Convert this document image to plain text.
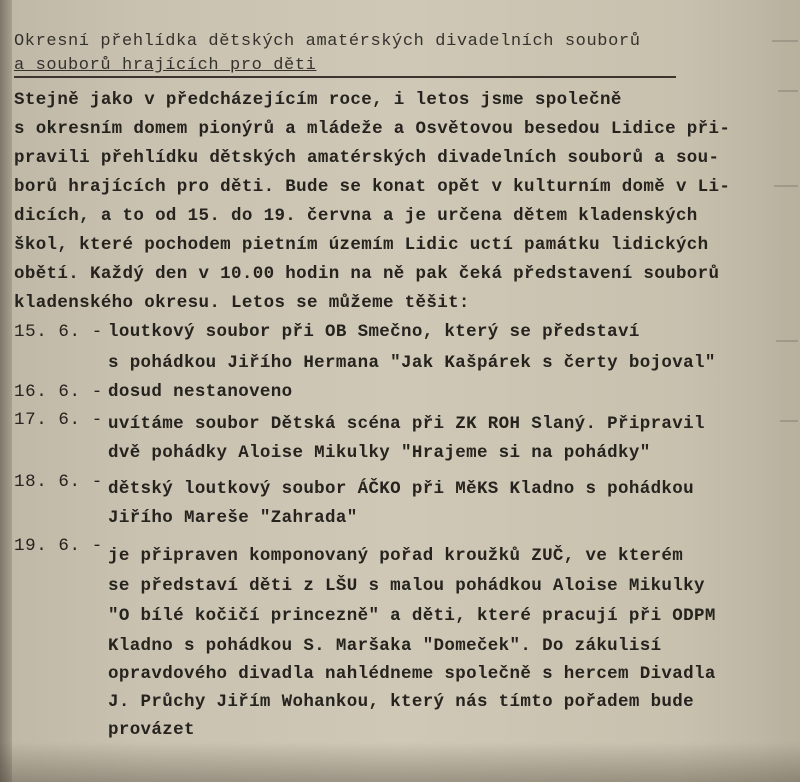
Okresní přehlídka dětských amatérských divadelních souborů
a souborů hrajících pro děti
Stejně jako v předcházejícím roce, i letos jsme společně
s okresním domem pionýrů a mládeže a Osvětovou besedou Lidice při-
pravili přehlídku dětských amatérských divadelních souborů a sou-
borů hrajících pro děti. Bude se konat opět v kulturním domě v Li-
dicích, a to od 15. do 19. června a je určena dětem kladenských
škol, které pochodem pietním územím Lidic uctí památku lidických
obětí. Každý den v 10.00 hodin na ně pak čeká představení souborů
kladenského okresu. Letos se můžeme těšit:
15. 6. - loutkový soubor při OB Smečno, který se představí
s pohádkou Jiřího Hermana "Jak Kašpárek s čerty bojoval"
16. 6. - dosud nestanoveno
17. 6. - uvítáme soubor Dětská scéna při ZK ROH Slaný. Připravil
dvě pohádky Aloise Mikulky "Hrajeme si na pohádky"
18. 6. - dětský loutkový soubor ÁČKO při MěKS Kladno s pohádkou
Jiřího Mareše "Zahrada"
19. 6. - je připraven komponovaný pořad kroužků ZUČ, ve kterém
se představí děti z LŠU s malou pohádkou Aloise Mikulky
"O bílé kočičí princezně" a děti, které pracují při ODPM
Kladno s pohádkou S. Maršaka "Domeček". Do zákulisí
opravdového divadla nahlédneme společně s hercem Divadla
J. Průchy Jiřím Wohankou, který nás tímto pořadem bude
provázet
